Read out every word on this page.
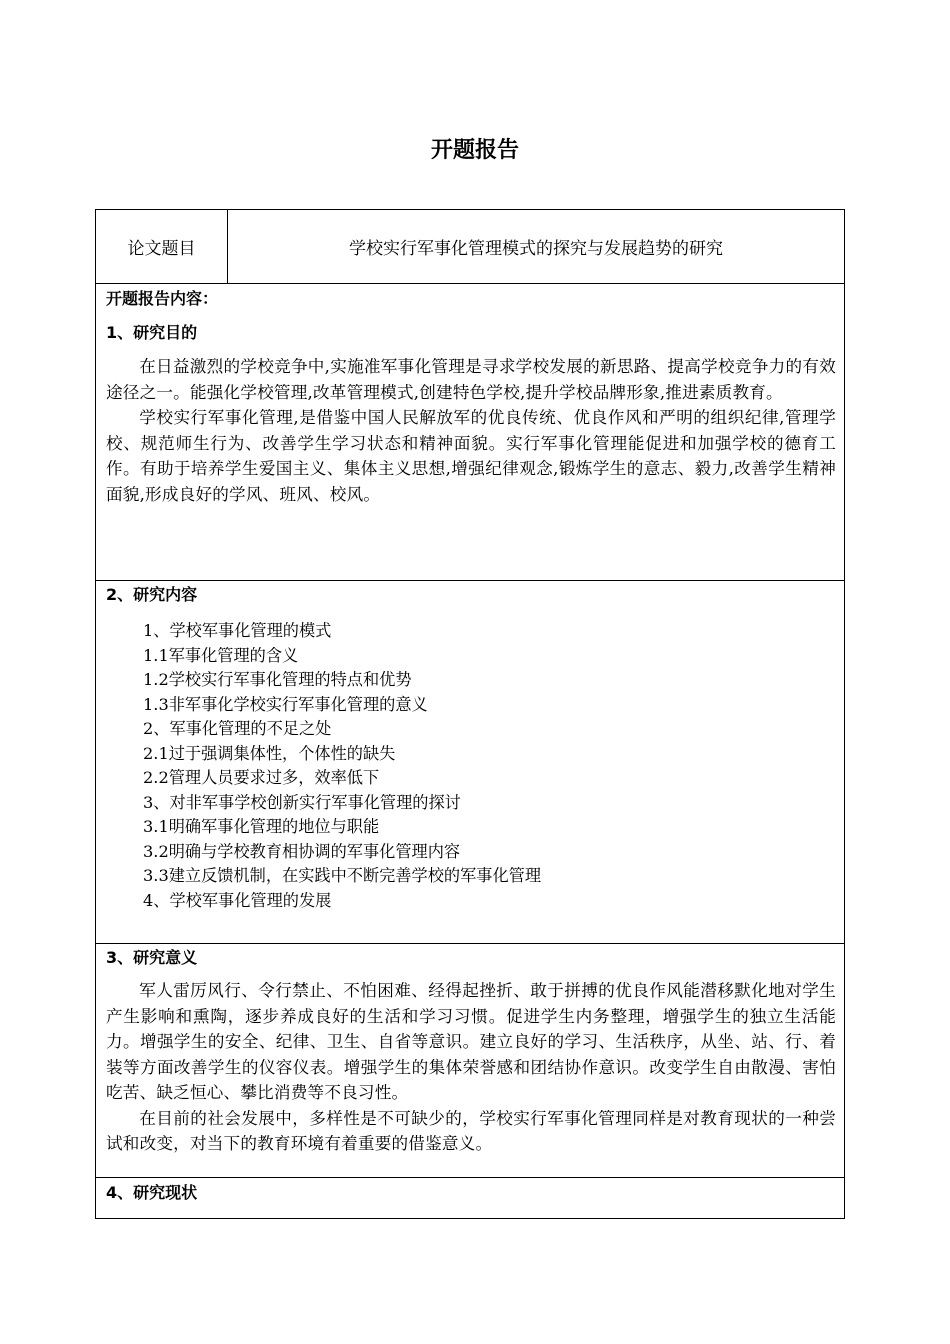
开题报告
论文题目	学校实行军事化管理模式的探究与发展趋势的研究
开题报告内容：
1、研究目的

在日益激烈的学校竞争中,实施准军事化管理是寻求学校发展的新思路、提高学校竞争力的有效途径之一。能强化学校管理,改革管理模式,创建特色学校,提升学校品牌形象,推进素质教育。

学校实行军事化管理,是借鉴中国人民解放军的优良传统、优良作风和严明的组织纪律,管理学校、规范师生行为、改善学生学习状态和精神面貌。实行军事化管理能促进和加强学校的德育工作。有助于培养学生爱国主义、集体主义思想,增强纪律观念,锻炼学生的意志、毅力,改善学生精神面貌,形成良好的学风、班风、校风。

2、研究内容
1、学校军事化管理的模式
1.1军事化管理的含义
1.2学校实行军事化管理的特点和优势
1.3非军事化学校实行军事化管理的意义
2、军事化管理的不足之处
2.1过于强调集体性，个体性的缺失
2.2管理人员要求过多，效率低下
3、对非军事学校创新实行军事化管理的探讨
3.1明确军事化管理的地位与职能
3.2明确与学校教育相协调的军事化管理内容
3.3建立反馈机制，在实践中不断完善学校的军事化管理
4、学校军事化管理的发展
3、研究意义

军人雷厉风行、令行禁止、不怕困难、经得起挫折、敢于拼搏的优良作风能潜移默化地对学生产生影响和熏陶，逐步养成良好的生活和学习习惯。促进学生内务整理，增强学生的独立生活能力。增强学生的安全、纪律、卫生、自省等意识。建立良好的学习、生活秩序，从坐、站、行、着装等方面改善学生的仪容仪表。增强学生的集体荣誉感和团结协作意识。改变学生自由散漫、害怕吃苦、缺乏恒心、攀比消费等不良习性。

在目前的社会发展中，多样性是不可缺少的，学校实行军事化管理同样是对教育现状的一种尝试和改变，对当下的教育环境有着重要的借鉴意义。

4、研究现状
